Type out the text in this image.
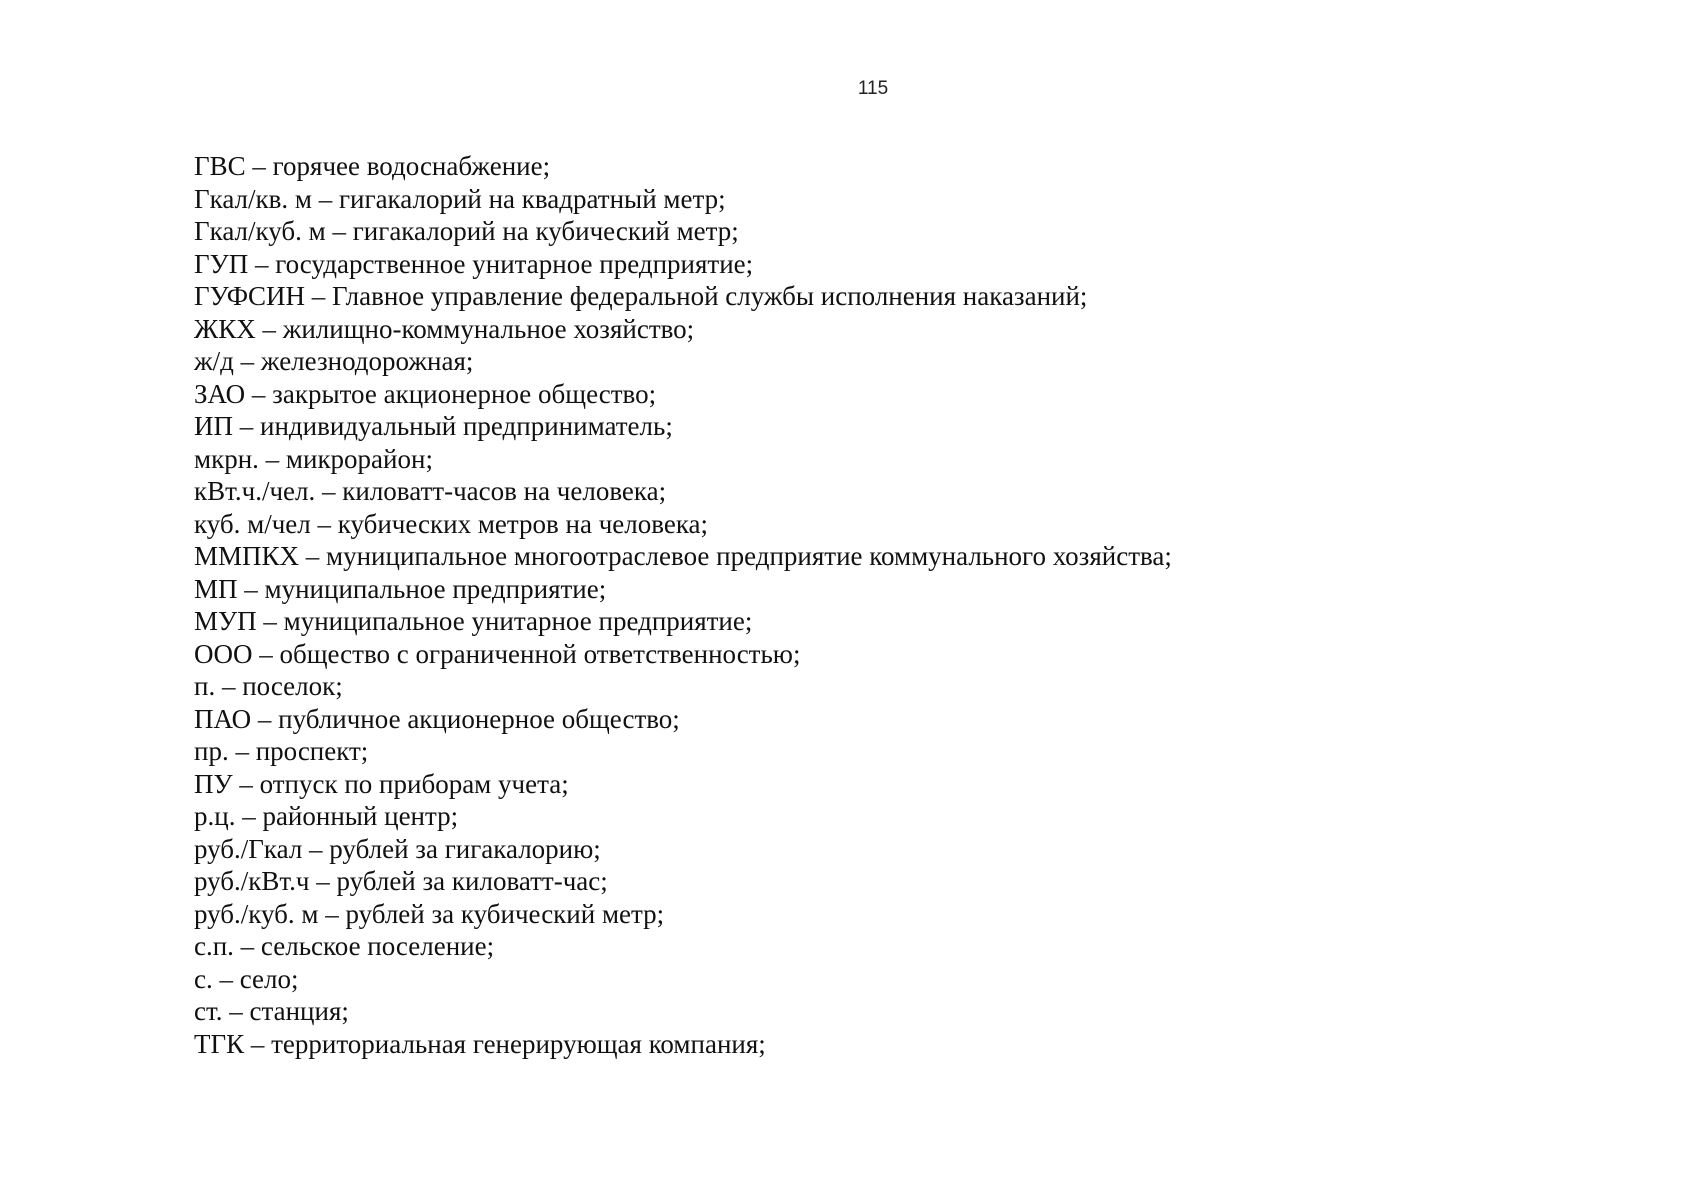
115
ГВС – горячее водоснабжение;
Гкал/кв. м – гигакалорий на квадратный метр;
Гкал/куб. м – гигакалорий на кубический метр;
ГУП – государственное унитарное предприятие;
ГУФСИН – Главное управление федеральной службы исполнения наказаний;
ЖКХ – жилищно-коммунальное хозяйство;
ж/д – железнодорожная;
ЗАО – закрытое акционерное общество;
ИП – индивидуальный предприниматель;
мкрн. – микрорайон;
кВт.ч./чел. – киловатт-часов на человека;
куб. м/чел – кубических метров на человека;
ММПКХ – муниципальное многоотраслевое предприятие коммунального хозяйства;
МП – муниципальное предприятие;
МУП – муниципальное унитарное предприятие;
ООО – общество с ограниченной ответственностью;
п. – поселок;
ПАО – публичное акционерное общество;
пр. – проспект;
ПУ – отпуск по приборам учета;
р.ц. – районный центр;
руб./Гкал – рублей за гигакалорию;
руб./кВт.ч – рублей за киловатт-час;
руб./куб. м – рублей за кубический метр;
с.п. – сельское поселение;
с. – село;
ст. – станция;
ТГК – территориальная генерирующая компания;
